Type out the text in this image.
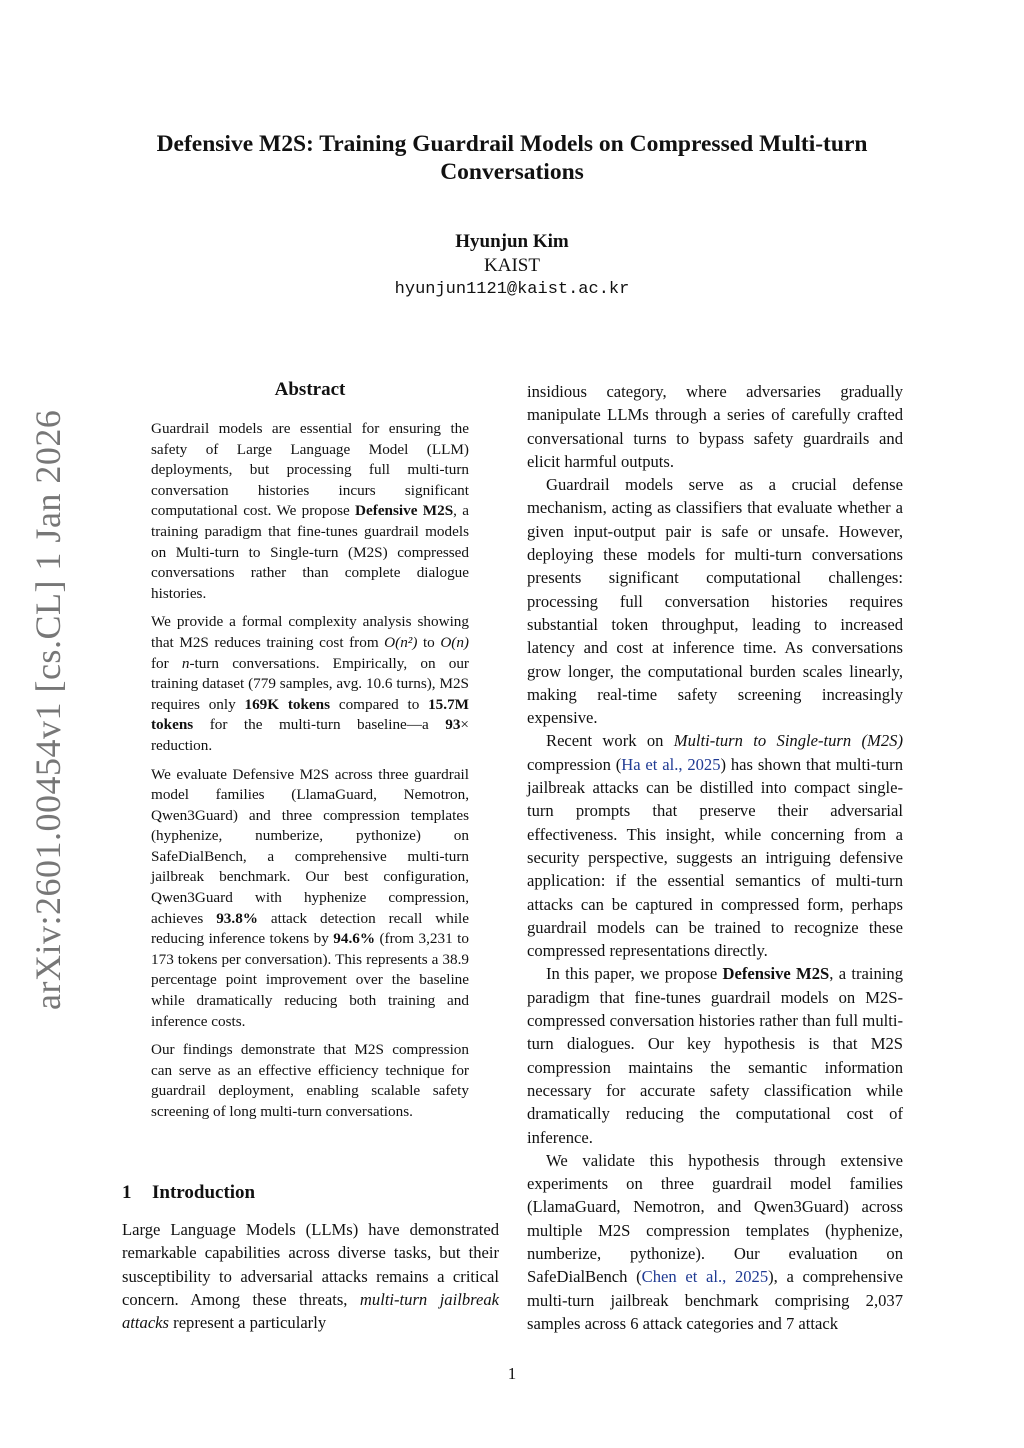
arXiv:2601.00454v1 [cs.CL] 1 Jan 2026
Defensive M2S: Training Guardrail Models on Compressed Multi-turn Conversations
Hyunjun Kim
KAIST
hyunjun1121@kaist.ac.kr
Abstract

Guardrail models are essential for ensuring the safety of Large Language Model (LLM) deployments, but processing full multi-turn conversation histories incurs significant computational cost. We propose Defensive M2S, a training paradigm that fine-tunes guardrail models on Multi-turn to Single-turn (M2S) compressed conversations rather than complete dialogue histories.

We provide a formal complexity analysis showing that M2S reduces training cost from O(n²) to O(n) for n-turn conversations. Empirically, on our training dataset (779 samples, avg. 10.6 turns), M2S requires only 169K tokens compared to 15.7M tokens for the multi-turn baseline—a 93× reduction.

We evaluate Defensive M2S across three guardrail model families (LlamaGuard, Nemotron, Qwen3Guard) and three compression templates (hyphenize, numberize, pythonize) on SafeDialBench, a comprehensive multi-turn jailbreak benchmark. Our best configuration, Qwen3Guard with hyphenize compression, achieves 93.8% attack detection recall while reducing inference tokens by 94.6% (from 3,231 to 173 tokens per conversation). This represents a 38.9 percentage point improvement over the baseline while dramatically reducing both training and inference costs.

Our findings demonstrate that M2S compression can serve as an effective efficiency technique for guardrail deployment, enabling scalable safety screening of long multi-turn conversations.

1 Introduction

Large Language Models (LLMs) have demonstrated remarkable capabilities across diverse tasks, but their susceptibility to adversarial attacks remains a critical concern. Among these threats, multi-turn jailbreak attacks represent a particularly

insidious category, where adversaries gradually manipulate LLMs through a series of carefully crafted conversational turns to bypass safety guardrails and elicit harmful outputs.

Guardrail models serve as a crucial defense mechanism, acting as classifiers that evaluate whether a given input-output pair is safe or unsafe. However, deploying these models for multi-turn conversations presents significant computational challenges: processing full conversation histories requires substantial token throughput, leading to increased latency and cost at inference time. As conversations grow longer, the computational burden scales linearly, making real-time safety screening increasingly expensive.

Recent work on Multi-turn to Single-turn (M2S) compression (Ha et al., 2025) has shown that multi-turn jailbreak attacks can be distilled into compact single-turn prompts that preserve their adversarial effectiveness. This insight, while concerning from a security perspective, suggests an intriguing defensive application: if the essential semantics of multi-turn attacks can be captured in compressed form, perhaps guardrail models can be trained to recognize these compressed representations directly.

In this paper, we propose Defensive M2S, a training paradigm that fine-tunes guardrail models on M2S-compressed conversation histories rather than full multi-turn dialogues. Our key hypothesis is that M2S compression maintains the semantic information necessary for accurate safety classification while dramatically reducing the computational cost of inference.

We validate this hypothesis through extensive experiments on three guardrail model families (LlamaGuard, Nemotron, and Qwen3Guard) across multiple M2S compression templates (hyphenize, numberize, pythonize). Our evaluation on SafeDialBench (Chen et al., 2025), a comprehensive multi-turn jailbreak benchmark comprising 2,037 samples across 6 attack categories and 7 attack

1
